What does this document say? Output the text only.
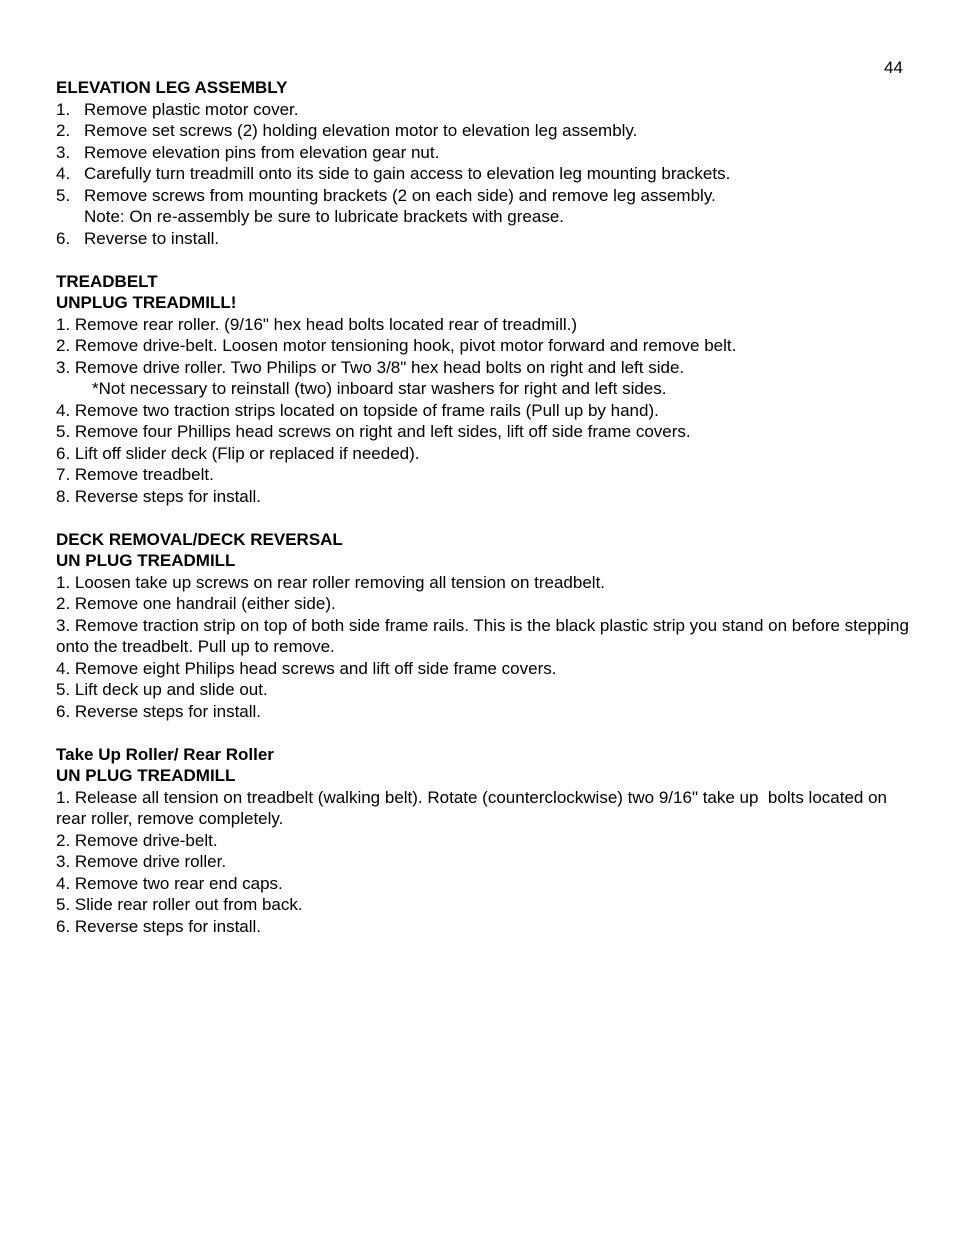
44
ELEVATION LEG ASSEMBLY
1. Remove plastic motor cover.
2. Remove set screws (2) holding elevation motor to elevation leg assembly.
3. Remove elevation pins from elevation gear nut.
4. Carefully turn treadmill onto its side to gain access to elevation leg mounting brackets.
5. Remove screws from mounting brackets (2 on each side) and remove leg assembly.
Note: On re-assembly be sure to lubricate brackets with grease.
6. Reverse to install.
TREADBELT
UNPLUG TREADMILL!
1. Remove rear roller. (9/16" hex head bolts located rear of treadmill.)
2. Remove drive-belt. Loosen motor tensioning hook, pivot motor forward and remove belt.
3. Remove drive roller. Two Philips or Two 3/8" hex head bolts on right and left side.
*Not necessary to reinstall (two) inboard star washers for right and left sides.
4. Remove two traction strips located on topside of frame rails (Pull up by hand).
5. Remove four Phillips head screws on right and left sides, lift off side frame covers.
6. Lift off slider deck (Flip or replaced if needed).
7. Remove treadbelt.
8. Reverse steps for install.
DECK REMOVAL/DECK REVERSAL
UN PLUG TREADMILL
1. Loosen take up screws on rear roller removing all tension on treadbelt.
2. Remove one handrail (either side).
3. Remove traction strip on top of both side frame rails. This is the black plastic strip you stand on before stepping onto the treadbelt. Pull up to remove.
4. Remove eight Philips head screws and lift off side frame covers.
5. Lift deck up and slide out.
6. Reverse steps for install.
Take Up Roller/ Rear Roller
UN PLUG TREADMILL
1. Release all tension on treadbelt (walking belt). Rotate (counterclockwise) two 9/16" take up  bolts located on rear roller, remove completely.
2. Remove drive-belt.
3. Remove drive roller.
4. Remove two rear end caps.
5. Slide rear roller out from back.
6. Reverse steps for install.
